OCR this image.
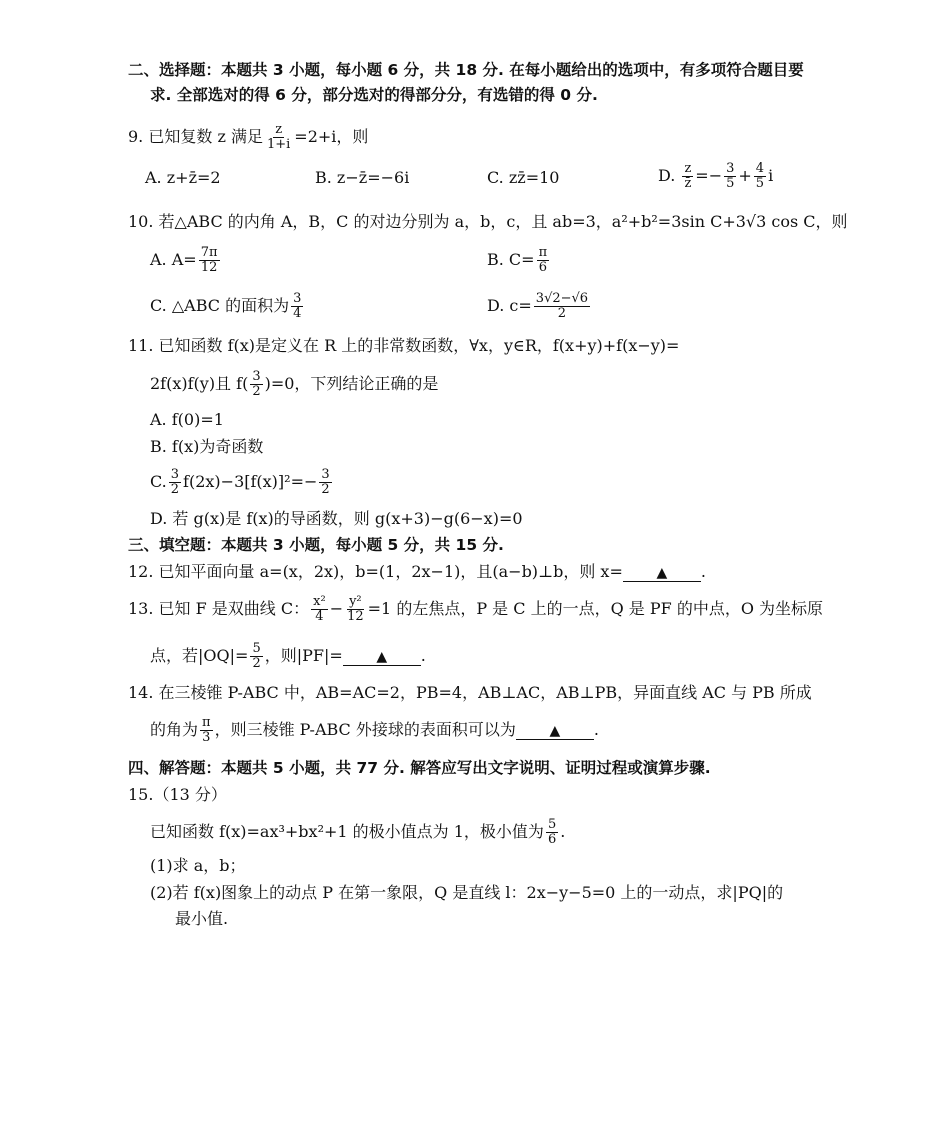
二、选择题：本题共 3 小题，每小题 6 分，共 18 分. 在每小题给出的选项中，有多项符合题目要
求. 全部选对的得 6 分，部分选对的得部分分，有选错的得 0 分.
9. 已知复数 z 满足 $\frac{z}{1+i} =2+i$，则
A. z+z̄=2	B. z−z̄=−6i	C. zz̄=10	D. $\frac{z}{z̄} =- \frac{3}{5} + \frac{4}{5}$ i
10. 若△ABC 的内角 A，B，C 的对边分别为 a，b，c，且 ab=3，a²+b²=3sin C+3√3 cos C，则
A. $A= \frac{7\pi}{12}$	B. $C= \frac{\pi}{6}$
C. △ABC 的面积为 $\frac{3}{4}$	D. $c= \frac{3√2-√6}{2}$
11. 已知函数 f(x)是定义在 R 上的非常数函数，∀x，y∈R，f(x+y)+f(x−y)=
2f(x)f(y)且 $f( \frac{3}{2} )=0$，下列结论正确的是
A. f(0)=1
B. f(x)为奇函数
C. $\frac{3}{2} f(2x)-3[f(x)]^2=- \frac{3}{2}$
D. 若 g(x)是 f(x)的导函数，则 g(x+3)−g(6−x)=0
三、填空题：本题共 3 小题，每小题 5 分，共 15 分.
12. 已知平面向量 a=(x，2x)，b=(1，2x−1)，且(a−b)⊥b，则 x= ▲ .
13. 已知 F 是双曲线 C： $\frac{\text{x²}}{4} - \frac{\text{y²}}{12} =1$ 的左焦点，P 是 C 上的一点，Q 是 PF 的中点，O 为坐标原
点，若$|OQ|= \frac{5}{2}$ ，则|PF|= ▲ .
14. 在三棱锥 P-ABC 中，AB=AC=2，PB=4，AB⊥AC，AB⊥PB，异面直线 AC 与 PB 所成
的角为 $\frac{\pi}{3}$ ，则三棱锥 P-ABC 外接球的表面积可以为 ▲ .
四、解答题：本题共 5 小题，共 77 分. 解答应写出文字说明、证明过程或演算步骤.
15.（13 分）
已知函数 f(x)=ax³+bx²+1 的极小值点为 1，极小值为 $\frac{5}{6}$ .
(1)求 a，b；
(2)若 f(x)图象上的动点 P 在第一象限，Q 是直线 l：2x−y−5=0 上的一动点，求|PQ|的
最小值.
